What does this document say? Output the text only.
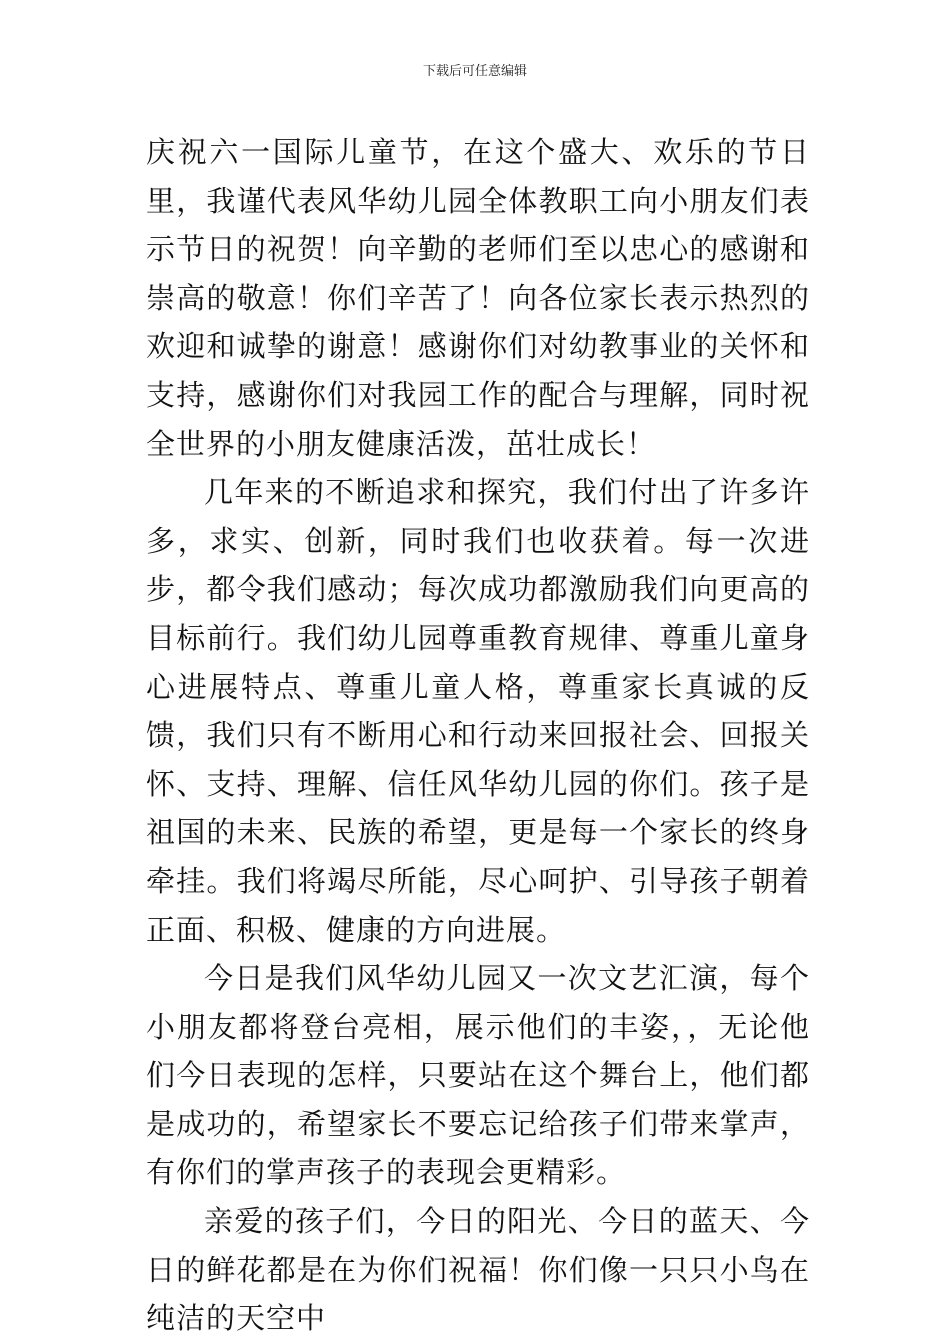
下载后可任意编辑

庆祝六一国际儿童节，在这个盛大、欢乐的节日里，我谨代表风华幼儿园全体教职工向小朋友们表示节日的祝贺！向辛勤的老师们至以忠心的感谢和崇高的敬意！你们辛苦了！向各位家长表示热烈的欢迎和诚挚的谢意！感谢你们对幼教事业的关怀和支持，感谢你们对我园工作的配合与理解，同时祝全世界的小朋友健康活泼，茁壮成长！

几年来的不断追求和探究，我们付出了许多许多，求实、创新，同时我们也收获着。每一次进步，都令我们感动；每次成功都激励我们向更高的目标前行。我们幼儿园尊重教育规律、尊重儿童身心进展特点、尊重儿童人格，尊重家长真诚的反馈，我们只有不断用心和行动来回报社会、回报关怀、支持、理解、信任风华幼儿园的你们。孩子是祖国的未来、民族的希望，更是每一个家长的终身牵挂。我们将竭尽所能，尽心呵护、引导孩子朝着正面、积极、健康的方向进展。

今日是我们风华幼儿园又一次文艺汇演，每个小朋友都将登台亮相，展示他们的丰姿，，无论他们今日表现的怎样，只要站在这个舞台上，他们都是成功的，希望家长不要忘记给孩子们带来掌声，有你们的掌声孩子的表现会更精彩。

亲爱的孩子们，今日的阳光、今日的蓝天、今日的鲜花都是在为你们祝福！你们像一只只小鸟在纯洁的天空中
